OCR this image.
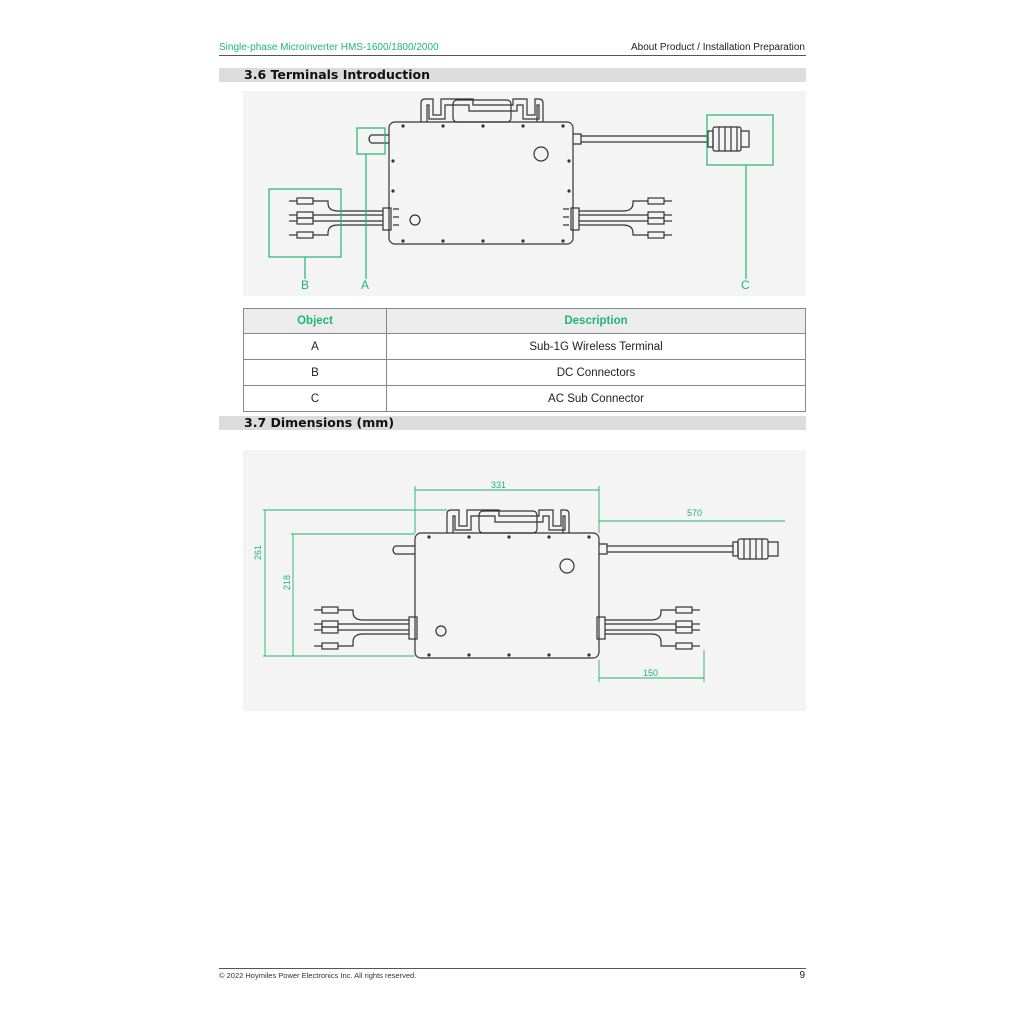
Single-phase Microinverter HMS-1600/1800/2000	About Product / Installation Preparation
3.6 Terminals Introduction
A
B	C
Object	Description
A	Sub-1G Wireless Terminal
B	DC Connectors
C	AC Sub Connector
3.7 Dimensions (mm)
331
570
261
218
150
© 2022 Hoymiles Power Electronics Inc. All rights reserved.	9
